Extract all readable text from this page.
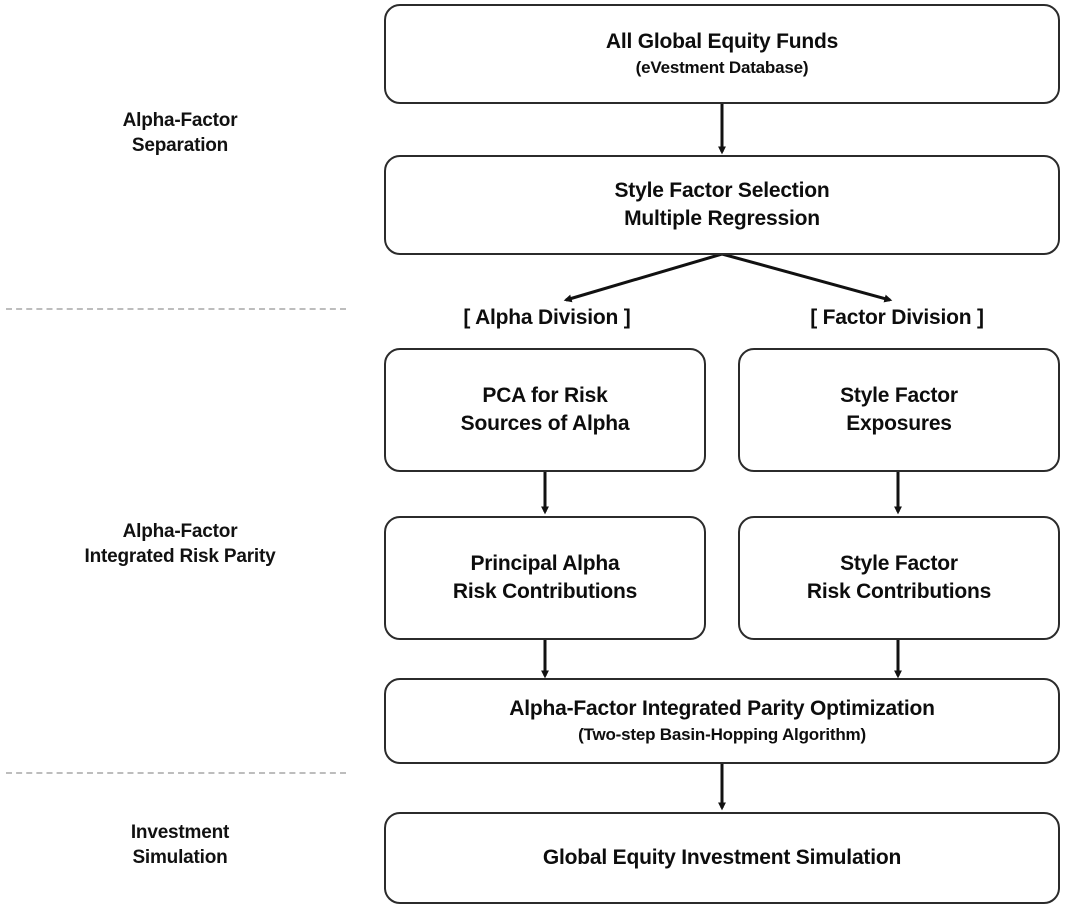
Alpha-Factor
Separation
Alpha-Factor
Integrated Risk Parity
Investment
Simulation
[ Alpha Division ]	[ Factor Division ]
All Global Equity Funds
(eVestment Database)
Style Factor Selection
Multiple Regression
PCA for Risk
Sources of Alpha
Style Factor
Exposures
Principal Alpha
Risk Contributions
Style Factor
Risk Contributions
Alpha-Factor Integrated Parity Optimization
(Two-step Basin-Hopping Algorithm)
Global Equity Investment Simulation
